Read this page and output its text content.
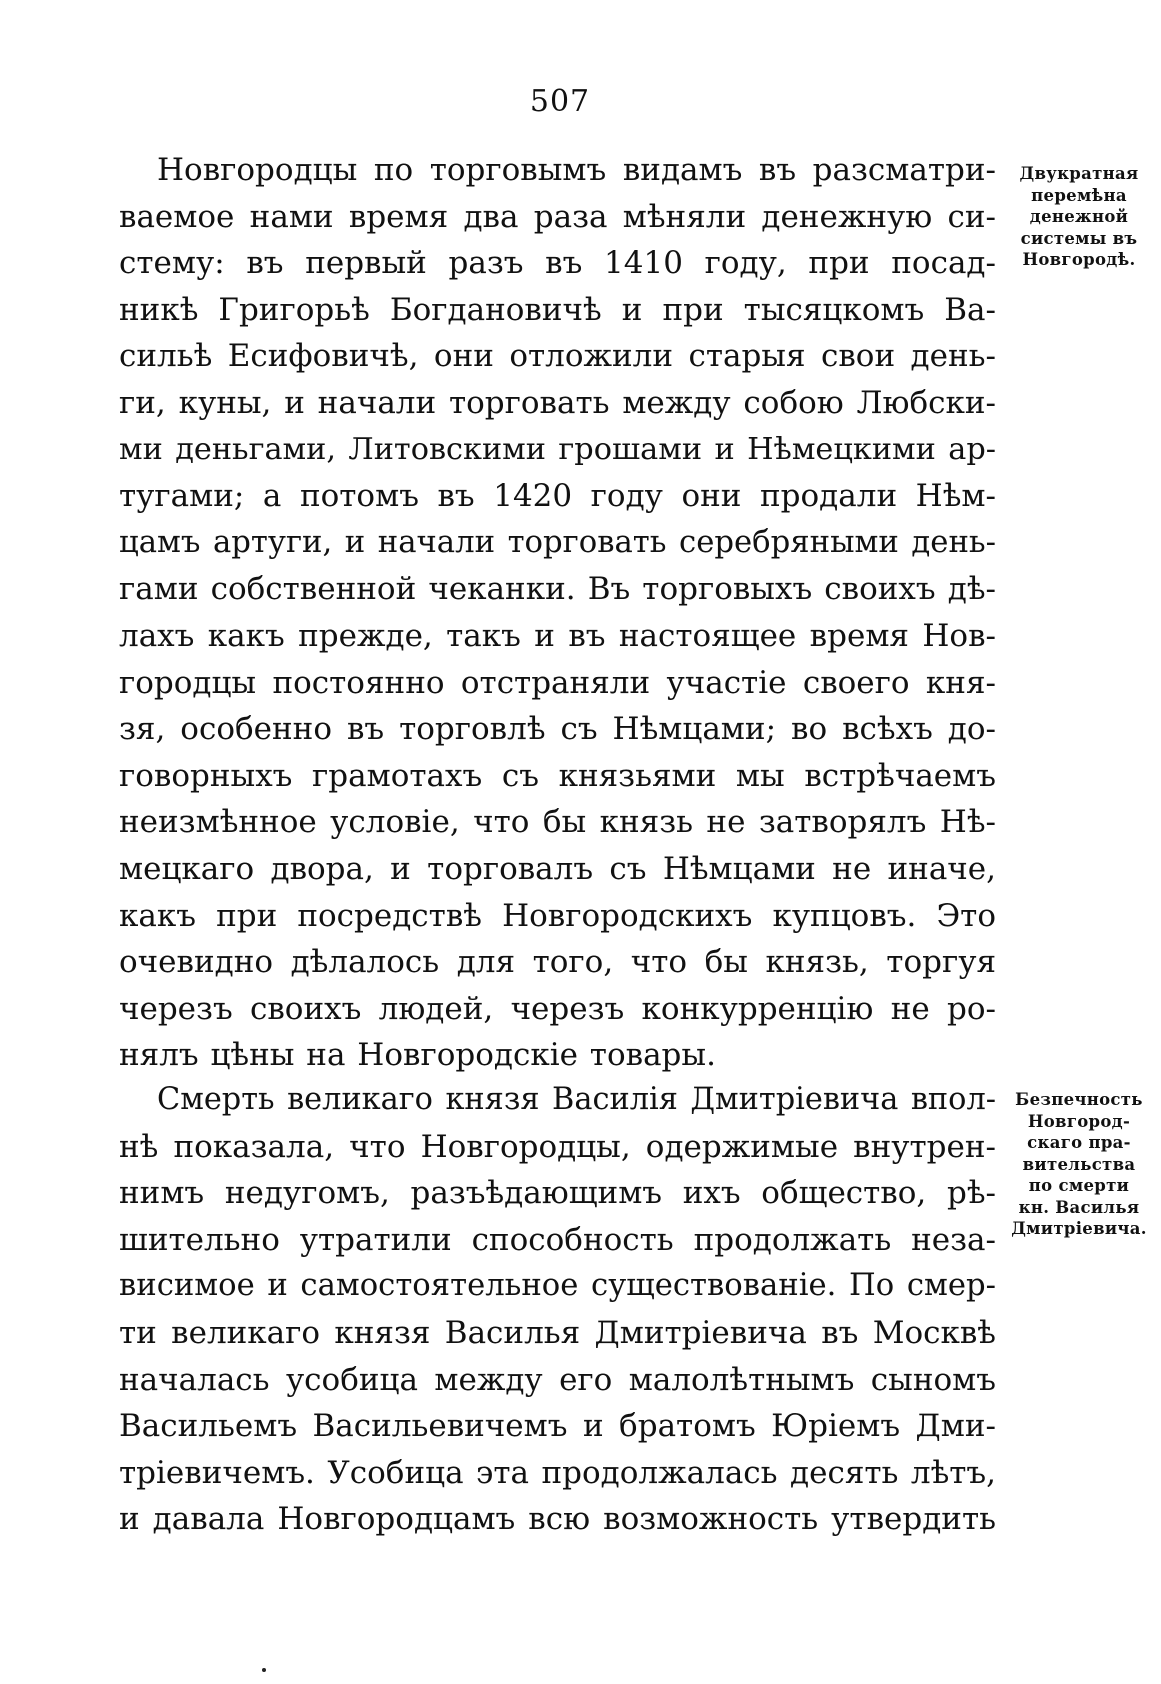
507
Новгородцы по торговымъ видамъ въ разсматри-
ваемое нами время два раза мѣняли денежную си-
стему: въ первый разъ въ 1410 году, при посад-
никѣ Григорьѣ Богдановичѣ и при тысяцкомъ Ва-
сильѣ Есифовичѣ, они отложили старыя свои день-
ги, куны, и начали торговать между собою Любски-
ми деньгами, Литовскими грошами и Нѣмецкими ар-
тугами; а потомъ въ 1420 году они продали Нѣм-
цамъ артуги, и начали торговать серебряными день-
гами собственной чеканки. Въ торговыхъ своихъ дѣ-
лахъ какъ прежде, такъ и въ настоящее время Нов-
городцы постоянно отстраняли участіе своего кня-
зя, особенно въ торговлѣ съ Нѣмцами; во всѣхъ до-
говорныхъ грамотахъ съ князьями мы встрѣчаемъ
неизмѣнное условіе, что бы князь не затворялъ Нѣ-
мецкаго двора, и торговалъ съ Нѣмцами не иначе,
какъ при посредствѣ Новгородскихъ купцовъ. Это
очевидно дѣлалось для того, что бы князь, торгуя
черезъ своихъ людей, черезъ конкурренцію не ро-
нялъ цѣны на Новгородскіе товары.
Смерть великаго князя Василія Дмитріевича впол-
нѣ показала, что Новгородцы, одержимые внутрен-
нимъ недугомъ, разъѣдающимъ ихъ общество, рѣ-
шительно утратили способность продолжать неза-
висимое и самостоятельное существованіе. По смер-
ти великаго князя Василья Дмитріевича въ Москвѣ
началась усобица между его малолѣтнымъ сыномъ
Васильемъ Васильевичемъ и братомъ Юріемъ Дми-
тріевичемъ. Усобица эта продолжалась десять лѣтъ,
и давала Новгородцамъ всю возможность утвердить
Двукратная
перемѣна
денежной
системы въ
Новгородѣ.
Безпечность
Новгород-
скаго пра-
вительства
по смерти
кн. Василья
Дмитріевича.
